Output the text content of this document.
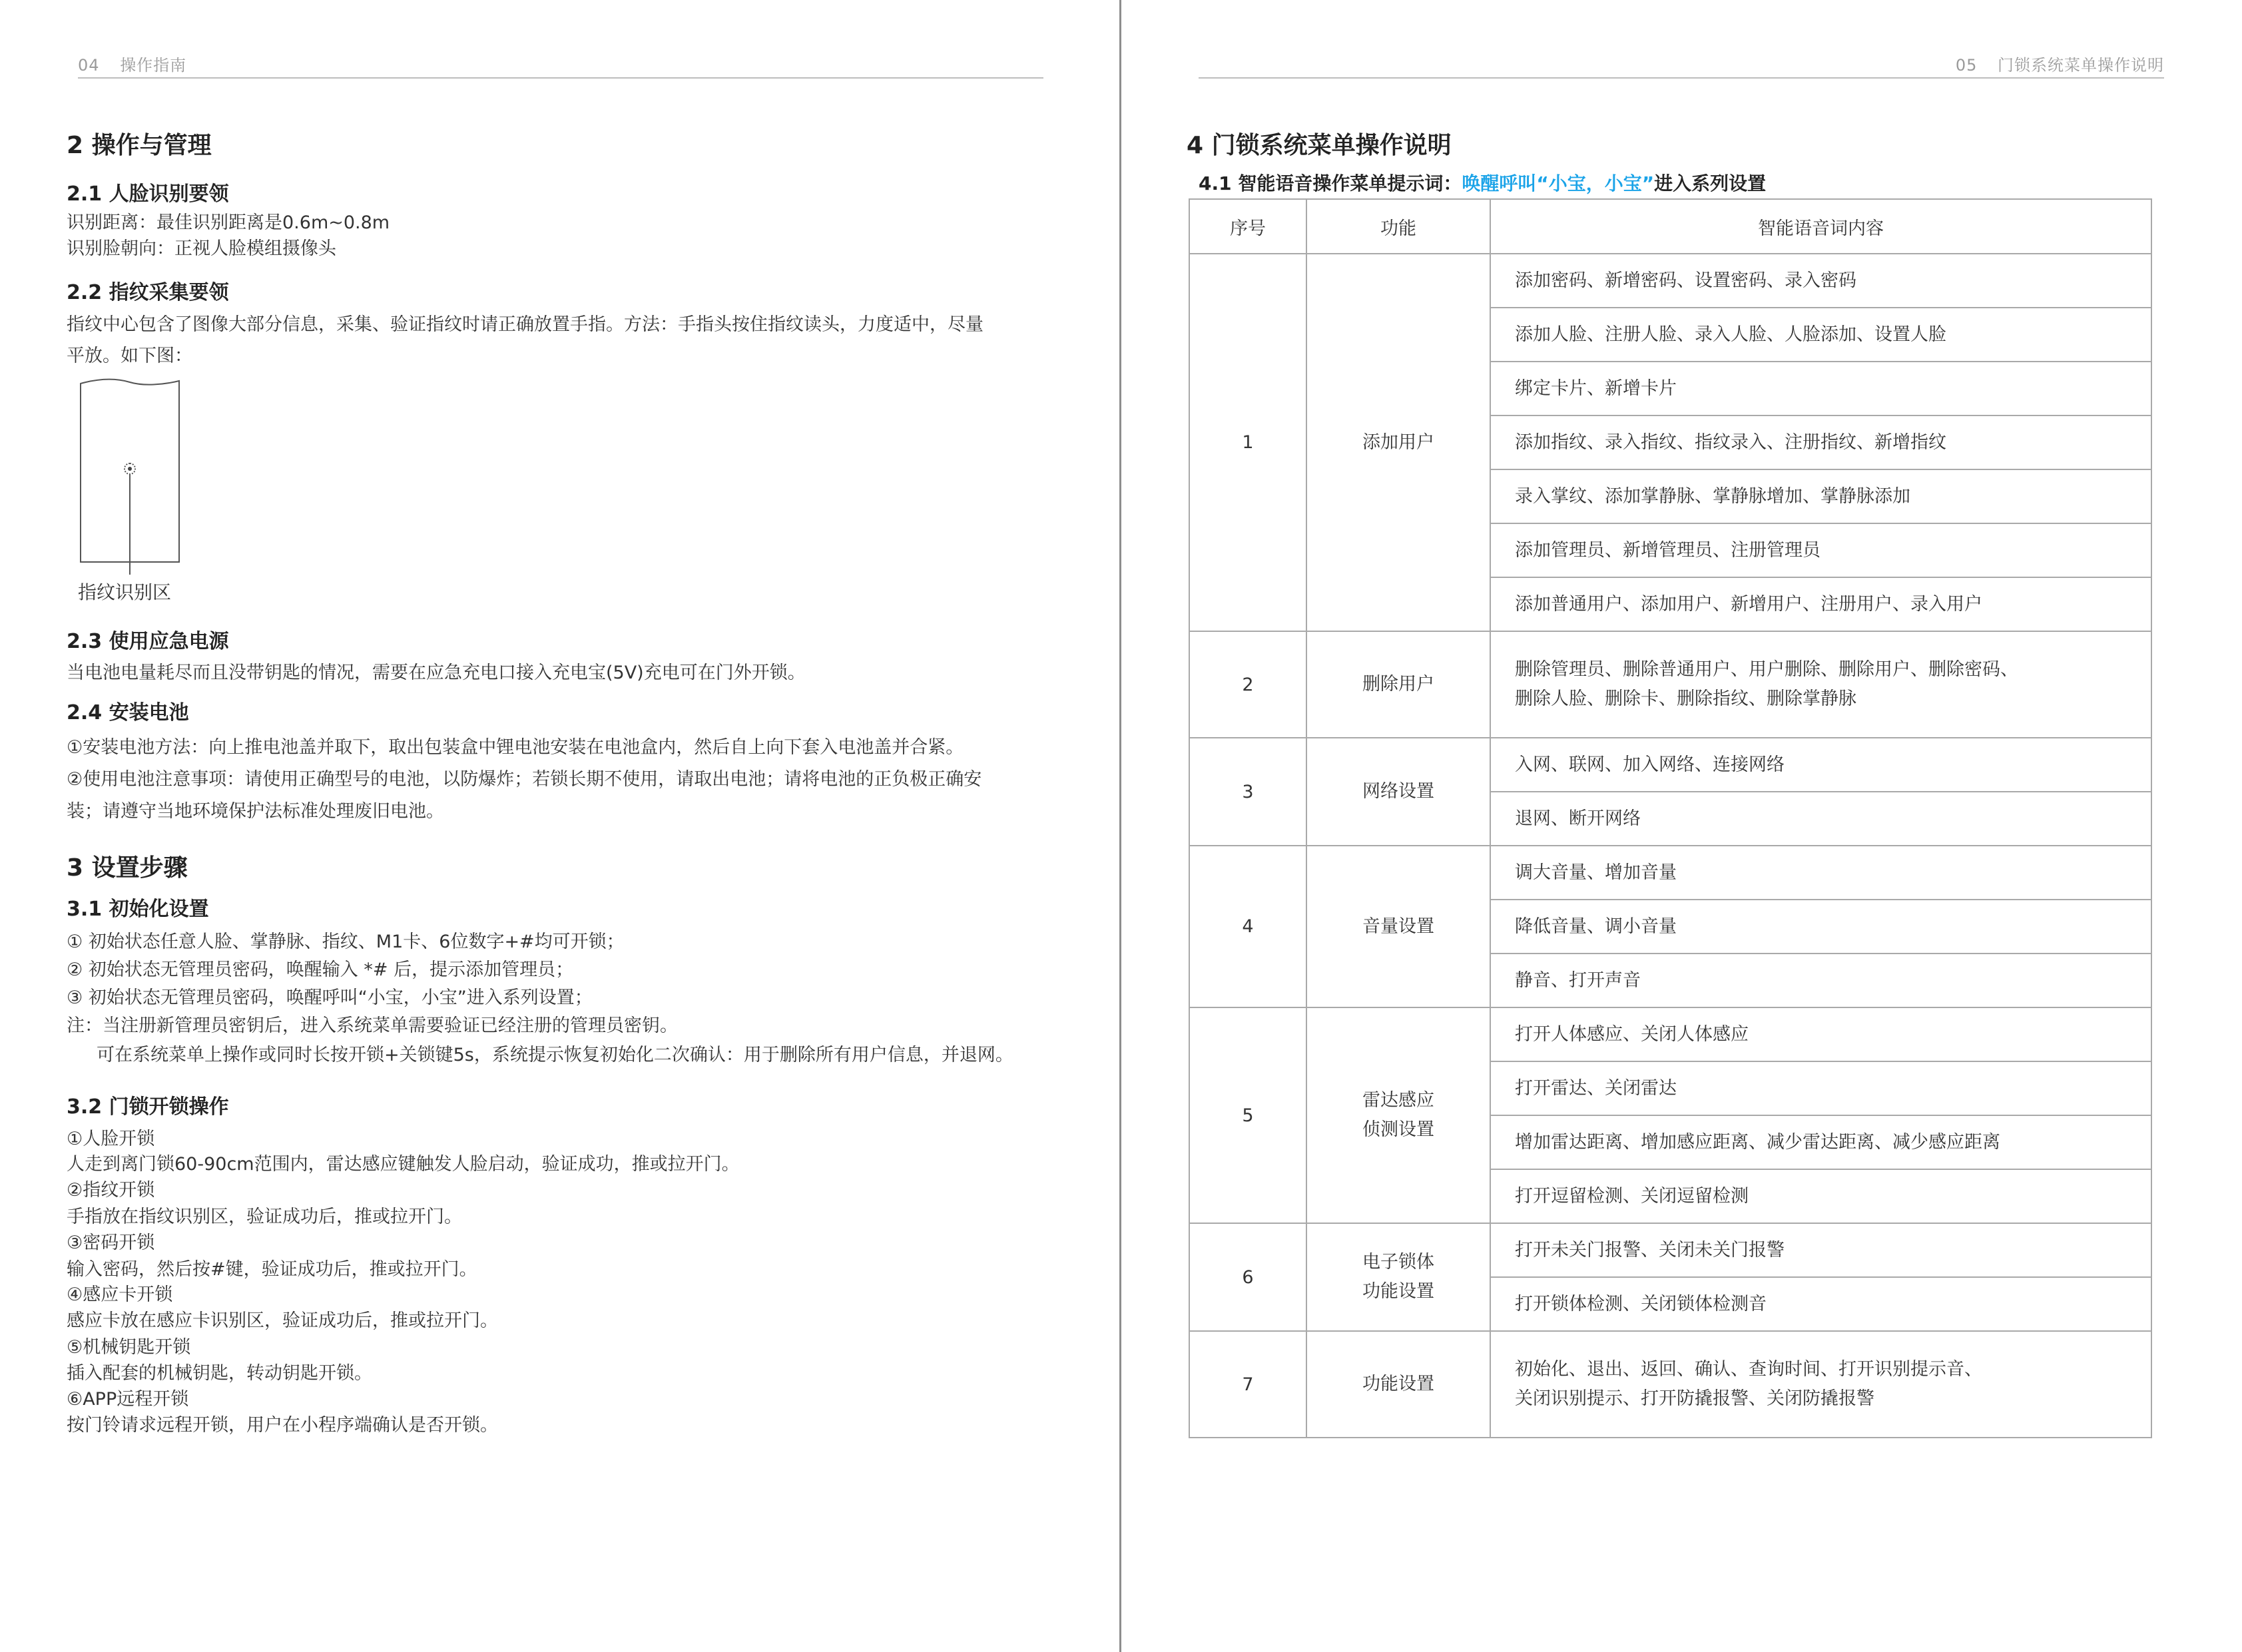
04 操作指南
2 操作与管理
2.1 人脸识别要领
识别距离：最佳识别距离是0.6m~0.8m
识别脸朝向：正视人脸模组摄像头
2.2 指纹采集要领
指纹中心包含了图像大部分信息，采集、验证指纹时请正确放置手指。方法：手指头按住指纹读头，力度适中，尽量
平放。如下图：
指纹识别区
2.3 使用应急电源
当电池电量耗尽而且没带钥匙的情况，需要在应急充电口接入充电宝(5V)充电可在门外开锁。
2.4 安装电池
①安装电池方法：向上推电池盖并取下，取出包装盒中锂电池安装在电池盒内，然后自上向下套入电池盖并合紧。
②使用电池注意事项：请使用正确型号的电池，以防爆炸；若锁长期不使用，请取出电池；请将电池的正负极正确安
装；请遵守当地环境保护法标准处理废旧电池。
3 设置步骤
3.1 初始化设置
① 初始状态任意人脸、掌静脉、指纹、M1卡、6位数字+#均可开锁；
② 初始状态无管理员密码，唤醒输入 *# 后，提示添加管理员；
③ 初始状态无管理员密码，唤醒呼叫“小宝，小宝”进入系列设置；
注：当注册新管理员密钥后，进入系统菜单需要验证已经注册的管理员密钥。
可在系统菜单上操作或同时长按开锁+关锁键5s，系统提示恢复初始化二次确认：用于删除所有用户信息，并退网。
3.2 门锁开锁操作
①人脸开锁
人走到离门锁60-90cm范围内，雷达感应键触发人脸启动，验证成功，推或拉开门。
②指纹开锁
手指放在指纹识别区，验证成功后，推或拉开门。
③密码开锁
输入密码，然后按#键，验证成功后，推或拉开门。
④感应卡开锁
感应卡放在感应卡识别区，验证成功后，推或拉开门。
⑤机械钥匙开锁
插入配套的机械钥匙，转动钥匙开锁。
⑥APP远程开锁
按门铃请求远程开锁，用户在小程序端确认是否开锁。
05 门锁系统菜单操作说明
4 门锁系统菜单操作说明
4.1 智能语音操作菜单提示词：唤醒呼叫“小宝，小宝”进入系列设置
序号	功能	智能语音词内容
1	添加用户	添加密码、新增密码、设置密码、录入密码
		添加人脸、注册人脸、录入人脸、人脸添加、设置人脸
		绑定卡片、新增卡片
		添加指纹、录入指纹、指纹录入、注册指纹、新增指纹
		录入掌纹、添加掌静脉、掌静脉增加、掌静脉添加
		添加管理员、新增管理员、注册管理员
		添加普通用户、添加用户、新增用户、注册用户、录入用户
2	删除用户	删除管理员、删除普通用户、用户删除、删除用户、删除密码、
删除人脸、删除卡、删除指纹、删除掌静脉
3	网络设置	入网、联网、加入网络、连接网络
		退网、断开网络
4	音量设置	调大音量、增加音量
		降低音量、调小音量
		静音、打开声音
5	雷达感应
侦测设置	打开人体感应、关闭人体感应
		打开雷达、关闭雷达
		增加雷达距离、增加感应距离、减少雷达距离、减少感应距离
		打开逗留检测、关闭逗留检测
6	电子锁体
功能设置	打开未关门报警、关闭未关门报警
		打开锁体检测、关闭锁体检测音
7	功能设置	初始化、退出、返回、确认、查询时间、打开识别提示音、
关闭识别提示、打开防撬报警、关闭防撬报警
